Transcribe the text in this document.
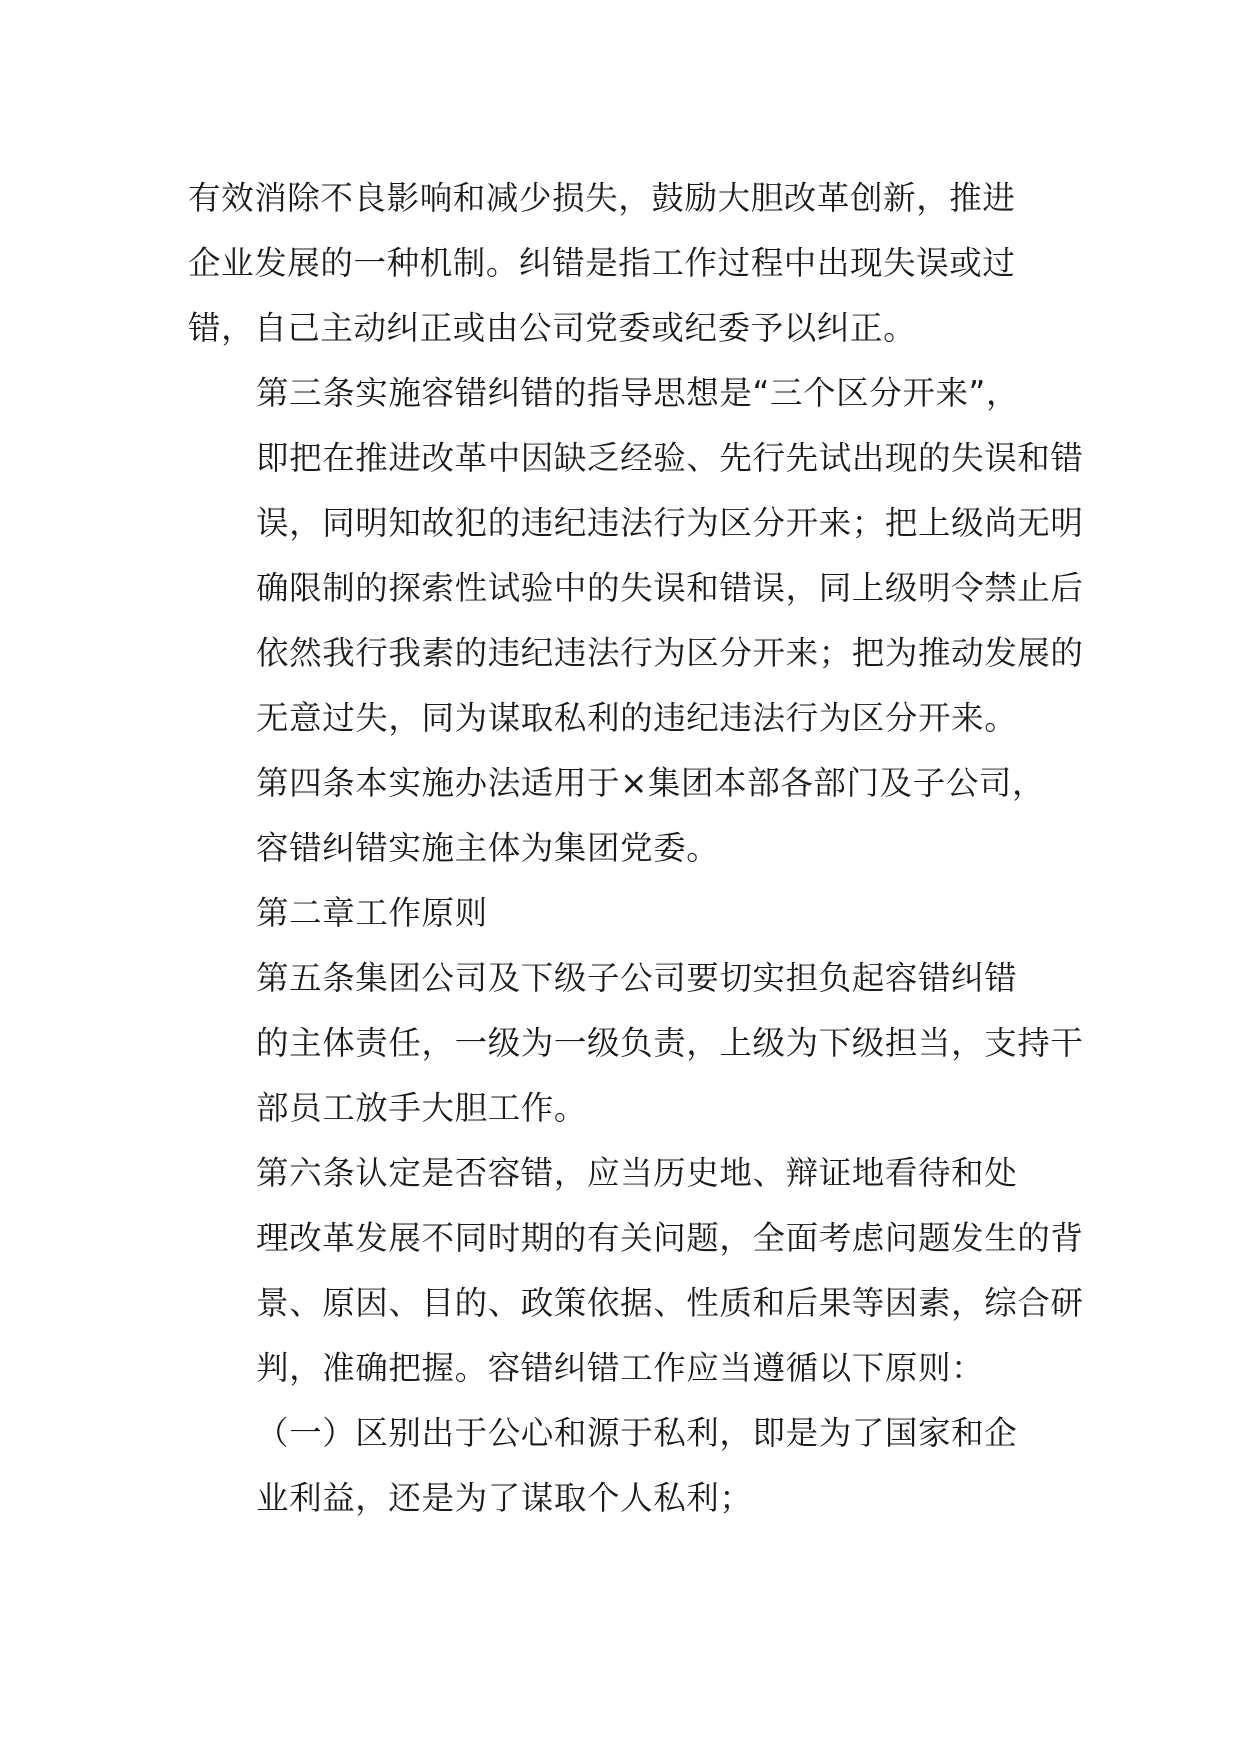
有效消除不良影响和减少损失，鼓励大胆改革创新，推进
企业发展的一种机制。纠错是指工作过程中出现失误或过
错，自己主动纠正或由公司党委或纪委予以纠正。

第三条实施容错纠错的指导思想是“三个区分开来”，
即把在推进改革中因缺乏经验、先行先试出现的失误和错
误，同明知故犯的违纪违法行为区分开来；把上级尚无明
确限制的探索性试验中的失误和错误，同上级明令禁止后
依然我行我素的违纪违法行为区分开来；把为推动发展的
无意过失，同为谋取私利的违纪违法行为区分开来。

第四条本实施办法适用于×集团本部各部门及子公司，
容错纠错实施主体为集团党委。

第二章工作原则

第五条集团公司及下级子公司要切实担负起容错纠错
的主体责任，一级为一级负责，上级为下级担当，支持干
部员工放手大胆工作。

第六条认定是否容错，应当历史地、辩证地看待和处
理改革发展不同时期的有关问题，全面考虑问题发生的背
景、原因、目的、政策依据、性质和后果等因素，综合研
判，准确把握。容错纠错工作应当遵循以下原则：

（一）区别出于公心和源于私利，即是为了国家和企
业利益，还是为了谋取个人私利；
